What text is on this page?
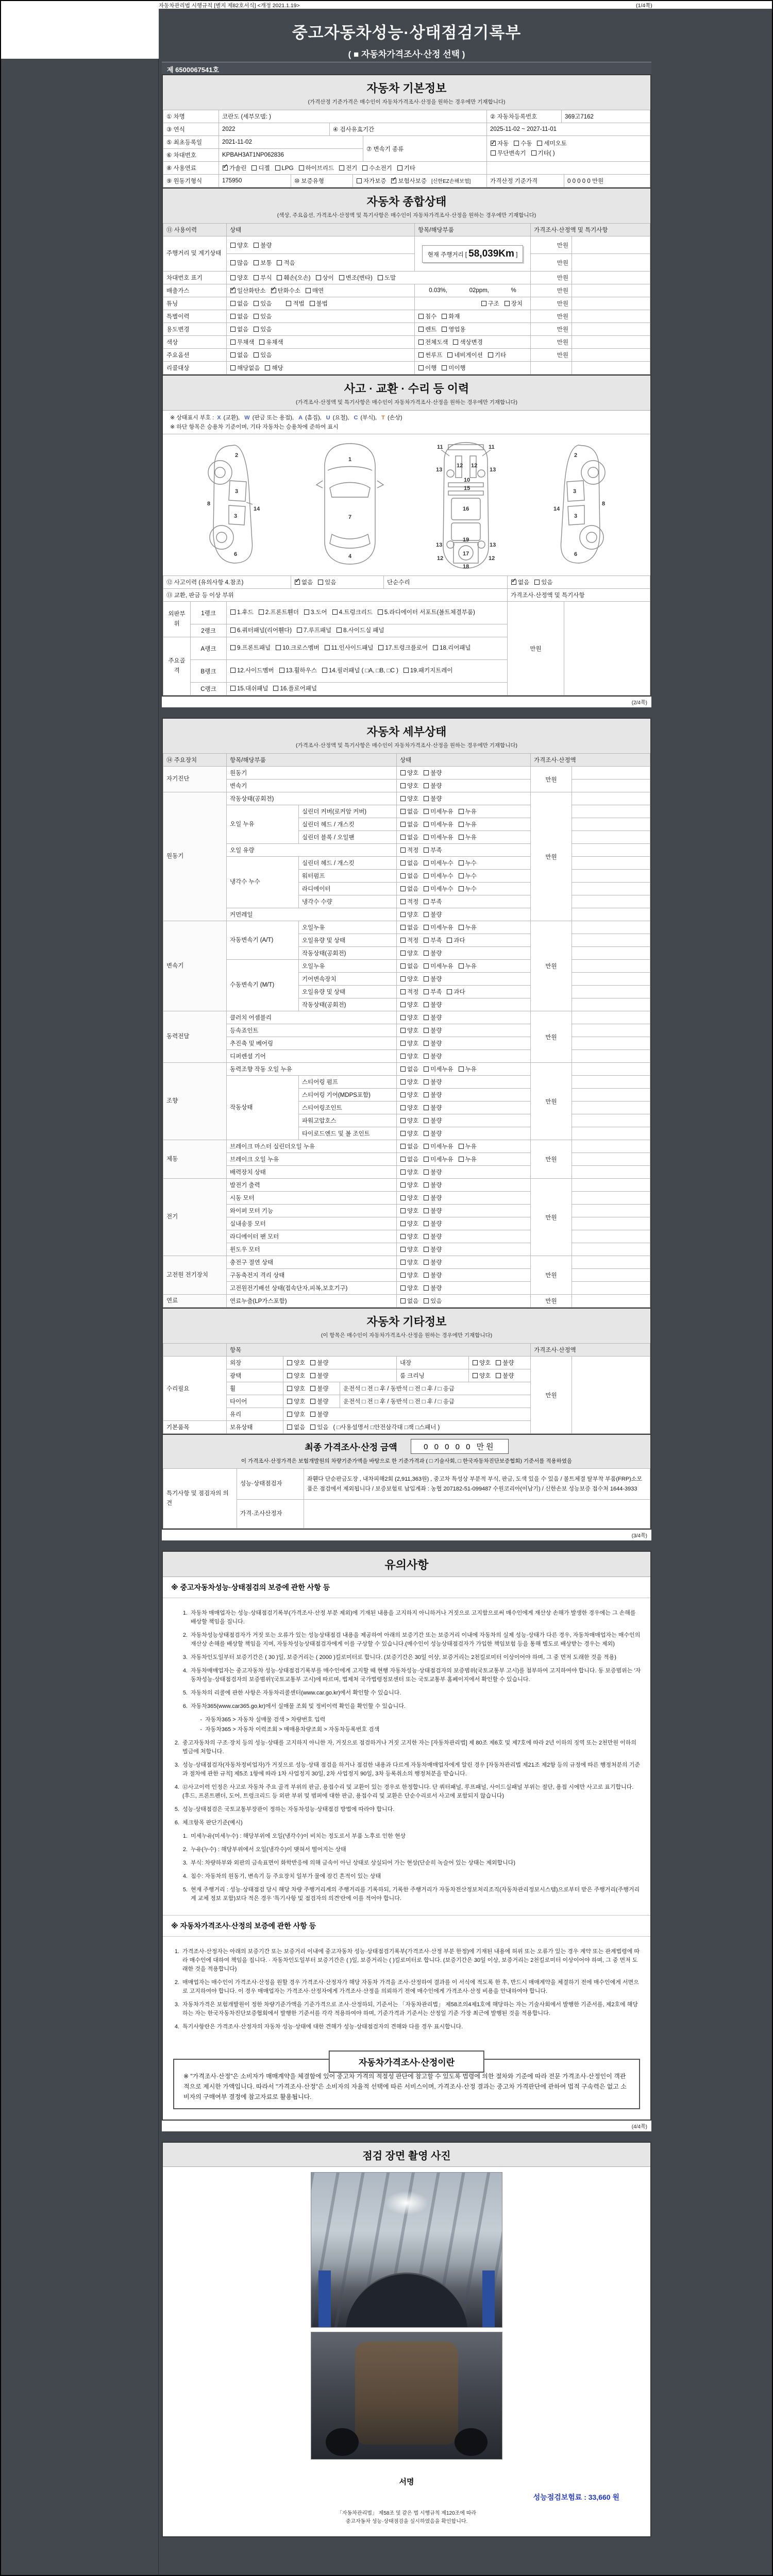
자동차관리법 시행규칙 [별지 제82호서식] <개정 2021.1.19>	(1/4쪽)
중고자동차성능·상태점검기록부
( ■ 자동차가격조사·산정 선택 )
제 6500067541호
자동차 기본정보
(가격산정 기준가격은 매수인이 자동차가격조사·산정을 원하는 경우에만 기재합니다)
① 차명	코란도 (세부모델: )	② 자동차등록번호	369고7162
③ 연식	2022	④ 검사유효기간	2025-11-02 ~ 2027-11-01
⑤ 최초등록일	2021-11-02	⑦ 변속기 종류	✓자동 수동 세미오토
무단변속기 기타( )
⑥ 차대번호	KPBAH3AT1NP062836		
⑧ 사용연료	✓가솔린 디젤 LPG 하이브리드 전기 수소전기 기타	
⑨ 원동기형식	175950	⑩ 보증유형	자가보증 ✓ 보험사보증 [신한EZ손해보험]	가격산정 기준가격	0 0 0 0 0 만원
자동차 종합상태
(색상, 주요옵션, 가격조사·산정액 및 특기사항은 매수인이 자동차가격조사·산정을 원하는 경우에만 기재합니다)
⑪ 사용이력	상태	항목/해당부품	가격조사·산정액 및 특기사항	
주행거리 및 계기상태	양호 불량	현재 주행거리 [ 58,039Km ]	만원	
	많음 보통 적음		만원	
차대번호 표기	양호 부식 훼손(오손) 상이 변조(변타) 도말		만원	
배출가스	✓일산화탄소 ✓ 탄화수소 매연	0.03%, 02ppm, %	만원	
튜닝	없음 있음 적법 불법	구조 장치	만원	
특별이력	없음 있음	침수 화재	만원	
용도변경	없음 있음	렌트 영업용	만원	
색상	무채색 유채색	전체도색 색상변경	만원	
주요옵션	없음 있음	썬루프 네비게이션 기타	만원	
리콜대상	해당없음 해당	이행 미이행		
사고 · 교환 · 수리 등 이력
(가격조사·산정액 및 특기사항은 매수인이 자동차가격조사·산정을 원하는 경우에만 기재합니다)
※ 상태표시 부호 : X (교환), W (판금 또는 용접), A (흠집), U (요철), C (부식), T (손상)
※ 하단 항목은 승용차 기준이며, 기타 자동차는 승용차에 준하여 표시
2
8
3
3
14
6
1
7
4
11	11
13	13
12 12
10
15
16
19
13	13
12	12
17
18
2
8
3
3
14
6
⑫ 사고이력 (유의사항 4.참조)	✓없음 있음	단순수리	✓없음 있음
⑬ 교환, 판금 등 이상 부위	가격조사·산정액 및 특기사항
외판부위	1랭크	1.후드 2.프론트휀더 3.도어 4.트렁크리드 5.라디에이터 서포트(볼트체결부품)	만원	
	2랭크	6.쿼터패널(리어휀다) 7.루프패널 8.사이드실 패널		
주요골격	A랭크	9.프론트패널 10.크로스멤버 11.인사이드패널 17.트렁크플로어 18.리어패널		
	B랭크	12.사이드멤버 13.휠하우스 14.필러패널 ( □A, □B, □C ) 19.패키지트레이		
	C랭크	15.대쉬패널 16.플로어패널		
(2/4쪽)
자동차 세부상태
(가격조사·산정액 및 특기사항은 매수인이 자동차가격조사·산정을 원하는 경우에만 기재합니다)
⑭ 주요장치	항목/해당부품		상태	가격조사·산정액	
자기진단	원동기		양호 불량	만원	
	변속기		양호 불량		
원동기	작동상태(공회전)		양호 불량	만원	
	오일 누유	실린더 커버(로커암 커버)	없음 미세누유 누유		
		실린더 헤드 / 개스킷	없음 미세누유 누유		
		실린더 블록 / 오일팬	없음 미세누유 누유		
	오일 유량		적정 부족		
	냉각수 누수	실린더 헤드 / 개스킷	없음 미세누수 누수		
		워터펌프	없음 미세누수 누수		
		라디에이터	없음 미세누수 누수		
		냉각수 수량	적정 부족		
	커먼레일		양호 불량		
변속기	자동변속기 (A/T)	오일누유	없음 미세누유 누유	만원	
		오일유량 및 상태	적정 부족 과다		
		작동상태(공회전)	양호 불량		
	수동변속기 (M/T)	오일누유	없음 미세누유 누유		
		기어변속장치	양호 불량		
		오일유량 및 상태	적정 부족 과다		
		작동상태(공회전)	양호 불량		
동력전달	클러치 어셈블리		양호 불량	만원	
	등속죠인트		양호 불량		
	추진축 및 베어링		양호 불량		
	디퍼렌셜 기어		양호 불량		
조향	동력조향 작동 오일 누유		없음 미세누유 누유	만원	
	작동상태	스티어링 펌프	양호 불량		
		스티어링 기어(MDPS포함)	양호 불량		
		스티어링조인트	양호 불량		
		파워고압호스	양호 불량		
		타이로드엔드 및 볼 조인트	양호 불량		
제동	브레이크 마스터 실린더오일 누유		없음 미세누유 누유	만원	
	브레이크 오일 누유		없음 미세누유 누유		
	배력장치 상태		양호 불량		
전기	발전기 출력		양호 불량	만원	
	시동 모터		양호 불량		
	와이퍼 모터 기능		양호 불량		
	실내송풍 모터		양호 불량		
	라디에이터 팬 모터		양호 불량		
	윈도우 모터		양호 불량		
고전원 전기장치	충전구 절연 상태		양호 불량	만원	
	구동축전지 격리 상태		양호 불량		
	고전원전기배선 상태(접속단자,피복,보호기구)		양호 불량		
연료	연료누출(LP가스포함)		없음 있음	만원	
자동차 기타정보
(이 항목은 매수인이 자동차가격조사·산정을 원하는 경우에만 기재합니다)
	항목					가격조사·산정액	
수리필요	외장	양호 불량		내장	양호 불량	만원	
	광택	양호 불량		룸 크리닝	양호 불량		
	휠	양호 불량	운전석 □ 전 □ 후 / 동반석 □ 전 □ 후 / □ 응급				
	타이어	양호 불량	운전석 □ 전 □ 후 / 동반석 □ 전 □ 후 / □ 응급				
	유리	양호 불량					
기본품목	보유상태	없음 있음 ( □사용설명서 □안전삼각대 □잭 □스패너 )					
최종 가격조사·산정 금액	0 0 0 0 0 만원
이 가격조사·산정가격은 보험개발원의 차량기준가액을 바탕으로 한 기준가격과 ( □ 기술사회, □ 한국자동차진단보증협회) 기준서를 적용하였음
특기사항 및 점검자의 의견	성능·상태점검자	좌휀다 단순판금도장 , 내차피해2회 (2,911,363원) , 중고차 특성상 부분적 부식, 판금, 도색 있을 수 있음 / 볼트체결 탈부착 부품(FRP)소모품은 점검에서 제외됩니다 / 보증보험료 납입계좌 : 농협 207182-51-099487 수원코리아(이남기) / 신한손보 성능보증 접수처 1644-3933
	가격·조사산정자	
(3/4쪽)
유의사항
※ 중고자동차성능·상태점검의 보증에 관한 사항 등
1. 자동차 매매업자는 성능·상태점검기록부(가격조사·산정 부분 제외)에 기재된 내용을 고지하지 아니하거나 거짓으로 고지함으로써 매수인에게 재산상 손해가 발생한 경우에는 그 손해를 배상할 책임을 집니다.
2. 자동차성능상태점검자가 거짓 또는 오류가 있는 성능상태점검 내용을 제공하여 아래의 보증기간 또는 보증거리 이내에 자동차의 실제 성능·상태가 다른 경우, 자동차매매업자는 매수인의 재산상 손해를 배상할 책임을 지며, 자동차성능상태점검자에게 이를 구상할 수 있습니다.(매수인이 성능상태점검자가 가입한 책임보험 등을 통해 별도로 배상받는 경우는 제외)
3. 자동차인도일부터 보증기간은 ( 30 )일, 보증거리는 ( 2000 )킬로미터로 합니다. (보증기간은 30일 이상, 보증거리는 2천킬로미터 이상이어야 하며, 그 중 먼저 도래한 것을 적용)
4. 자동차매매업자는 중고자동차 성능·상태점검기록부를 매수인에게 고지할 때 현행 자동차성능·상태점검자의 보증범위(국토교통부 고시)를 첨부하여 고지하여야 합니다. 동 보증범위는 '자동차성능·상태점검자의 보증범위'(국토교통부 고시)에 따르며, 법제처 국가법령정보센터 또는 국토교통부 홈페이지에서 확인할 수 있습니다.
5. 자동차의 리콜에 관한 사항은 자동차리콜센터(www.car.go.kr)에서 확인할 수 있습니다.
6. 자동차365(www.car365.go.kr)에서 실매물 조회 및 정비이력 확인을 확인할 수 있습니다.
- 자동차365 > 자동차 실매물 검색 > 차량번호 입력
- 자동차365 > 자동차 이력조회 > 매매용차량조회 > 자동차등록번호 검색
2. 중고자동차의 구조·장치 등의 성능·상태를 고지하지 아니한 자, 거짓으로 점검하거나 거짓 고지한 자는 [자동차관리법] 제 80조 제6호 및 제7호에 따라 2년 이하의 징역 또는 2천만원 이하의 벌금에 처합니다.
3. 성능·상태점검자(자동차정비업자)가 거짓으로 성능·상태 점검을 하거나 점검한 내용과 다르게 자동차매매업자에게 알린 경우 [자동차관리법 제21조 제2항 등의 규정에 따른 행정처분의 기준과 절차에 관한 규칙] 제5조 1항에 따라 1차 사업정지 30일, 2차 사업정지 90일, 3차 등록취소의 행정처분을 받습니다.
4. ⑫사고이력 인정은 사고로 자동차 주요 골격 부위의 판금, 용접수리 및 교환이 있는 경우로 한정합니다. 단 쿼터패널, 루프패널, 사이드실패널 부위는 절단, 용접 시에만 사고로 표기합니다. (후드, 프론트펜더, 도어, 트렁크리드 등 외판 부위 및 범퍼에 대한 판금, 용접수리 및 교환은 단순수리로서 사고에 포함되지 않습니다)
5. 성능·상태점검은 국토교통부장관이 정하는 자동차성능·상태점검 방법에 따라야 합니다.
6. 체크항목 판단기준(예시)
1. 미세누유(미세누수) : 해당부위에 오일(냉각수)이 비치는 정도로서 부품 노후로 인한 현상
2. 누유(누수) : 해당부위에서 오일(냉각수)이 맺혀서 떨어지는 상태
3. 부식: 차량하부와 외판의 금속표면이 화학반응에 의해 금속이 아닌 상태로 상실되어 가는 현상(단순히 녹슬어 있는 상태는 제외합니다)
4. 침수: 자동차의 원동기, 변속기 등 주요장치 일부가 물에 잠긴 흔적이 있는 상태
5. 현재 주행거리 : 성능·상태점검 당시 해당 차량 주행거리계의 주행거리를 기록하되, 기록한 주행거리가 자동차전산정보처리조직(자동차관리정보시스템)으로부터 받은 주행거리(주행거리계 교체 정보 포함)보다 적은 경우 '특기사항 및 점검자의 의견'란에 이를 적어야 합니다.
※ 자동차가격조사·산정의 보증에 관한 사항 등
1. 가격조사·산정자는 아래의 보증기간 또는 보증거리 이내에 중고자동차 성능·상태점검기록부(가격조사·산정 부분 한정)에 기재된 내용에 허위 또는 오류가 있는 경우 계약 또는 관계법령에 따라 매수인에 대하여 책임을 집니다. · 자동차인도일부터 보증기간은 ( )일, 보증거리는 ( )킬로미터로 합니다. (보증기간은 30일 이상, 보증거리는 2천킬로미터 이상이어야 하며, 그 중 먼저 도래한 것을 적용합니다)
2. 매매업자는 매수인이 가격조사·산정을 원할 경우 가격조사·산정자가 해당 자동차 가격을 조사·산정하여 결과를 이 서식에 적도록 한 후, 반드시 매매계약을 체결하기 전에 매수인에게 서면으로 고지하여야 합니다. 이 경우 매매업자는 가격조사·산정자에게 가격조사·산정을 의뢰하기 전에 매수인에게 가격조사·산정 비용을 안내하여야 합니다.
3. 자동차가격은 보험개발원이 정한 차량기준가액을 기준가격으로 조사·산정하되, 기준서는 「자동차관리법」 제58조의4제1호에 해당하는 자는 기술사회에서 발행한 기준서를, 제2호에 해당하는 자는 한국자동차진단보증협회에서 발행한 기준서를 각각 적용하여야 하며, 기준가격과 기준서는 산정일 기준 가장 최근에 발행된 것을 적용합니다.
4. 특기사항란은 가격조사·산정자의 자동차 성능·상태에 대한 견해가 성능·상태점검자의 견해와 다를 경우 표시합니다.
자동차가격조사·산정이란
※ "가격조사·산정"은 소비자가 매매계약을 체결함에 있어 중고차 가격의 적절성 판단에 참고할 수 있도록 법령에 의한 절차와 기준에 따라 전문 가격조사·산정인이 객관적으로 제시한 가액입니다. 따라서 "가격조사·산정"은 소비자의 자율적 선택에 따른 서비스이며, 가격조사·산정 결과는 중고차 가격판단에 관하여 법적 구속력은 없고 소비자의 구매여부 결정에 참고자료로 활용됩니다.
(4/4쪽)
점검 장면 촬영 사진
서명
성능점검보험료 : 33,660 원
「자동차관리법」 제58조 및 같은 법 시행규칙 제120조에 따라
중고자동차 성능·상태점검을 실시하였음을 확인합니다.
